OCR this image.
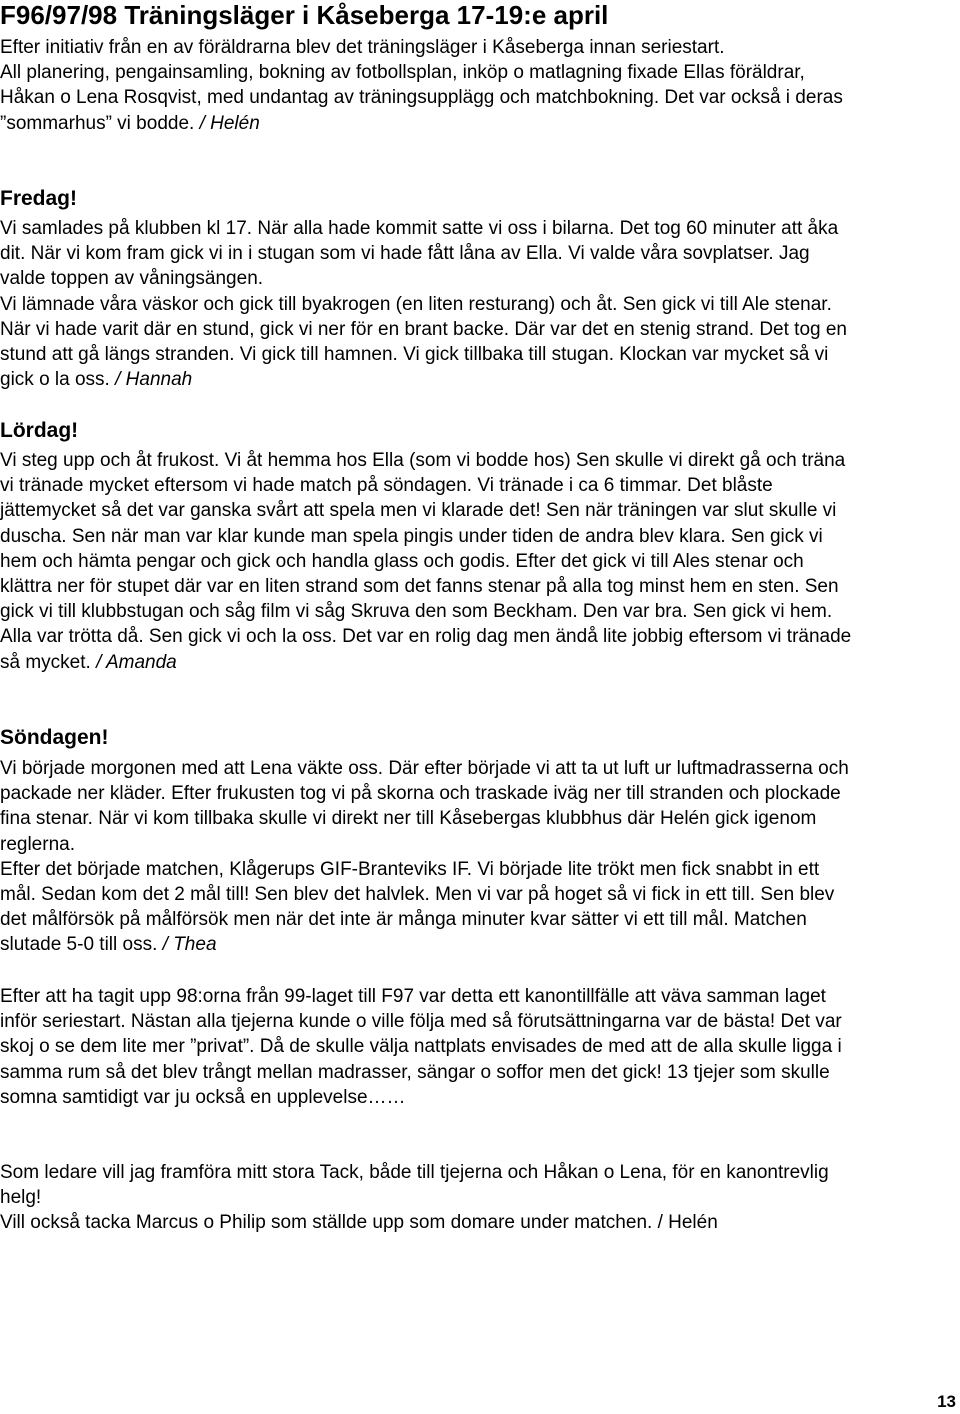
F96/97/98 Träningsläger i Kåseberga 17-19:e april

Efter initiativ från en av föräldrarna blev det träningsläger i Kåseberga innan seriestart.

All planering, pengainsamling, bokning av fotbollsplan, inköp o matlagning fixade Ellas föräldrar, Håkan o Lena Rosqvist, med undantag av träningsupplägg och matchbokning. Det var också i deras ”sommarhus” vi bodde. / Helén

Fredag!

Vi samlades på klubben kl 17. När alla hade kommit satte vi oss i bilarna. Det tog 60 minuter att åka dit. När vi kom fram gick vi in i stugan som vi hade fått låna av Ella. Vi valde våra sovplatser. Jag valde toppen av våningsängen.

Vi lämnade våra väskor och gick till byakrogen (en liten resturang) och åt. Sen gick vi till Ale stenar. När vi hade varit där en stund, gick vi ner för en brant backe. Där var det en stenig strand. Det tog en stund att gå längs stranden. Vi gick till hamnen. Vi gick tillbaka till stugan. Klockan var mycket så vi gick o la oss. / Hannah

Lördag!

Vi steg upp och åt frukost. Vi åt hemma hos Ella (som vi bodde hos) Sen skulle vi direkt gå och träna vi tränade mycket eftersom vi hade match på söndagen. Vi tränade i ca 6 timmar. Det blåste jättemycket så det var ganska svårt att spela men vi klarade det! Sen när träningen var slut skulle vi duscha. Sen när man var klar kunde man spela pingis under tiden de andra blev klara. Sen gick vi hem och hämta pengar och gick och handla glass och godis. Efter det gick vi till Ales stenar och klättra ner för stupet där var en liten strand som det fanns stenar på alla tog minst hem en sten. Sen gick vi till klubbstugan och såg film vi såg Skruva den som Beckham. Den var bra. Sen gick vi hem. Alla var trötta då. Sen gick vi och la oss. Det var en rolig dag men ändå lite jobbig eftersom vi tränade så mycket. / Amanda

Söndagen!

Vi började morgonen med att Lena väkte oss. Där efter började vi att ta ut luft ur luftmadrasserna och packade ner kläder. Efter frukusten tog vi på skorna och traskade iväg ner till stranden och plockade fina stenar. När vi kom tillbaka skulle vi direkt ner till Kåsebergas klubbhus där Helén gick igenom reglerna.

Efter det började matchen, Klågerups GIF-Branteviks IF. Vi började lite trökt men fick snabbt in ett mål. Sedan kom det 2 mål till! Sen blev det halvlek. Men vi var på hoget så vi fick in ett till. Sen blev det målförsök på målförsök men när det inte är många minuter kvar sätter vi ett till mål. Matchen slutade 5-0 till oss. / Thea

Efter att ha tagit upp 98:orna från 99-laget till F97 var detta ett kanontillfälle att väva samman laget inför seriestart. Nästan alla tjejerna kunde o ville följa med så förutsättningarna var de bästa! Det var skoj o se dem lite mer ”privat”. Då de skulle välja nattplats envisades de med att de alla skulle ligga i samma rum så det blev trångt mellan madrasser, sängar o soffor men det gick! 13 tjejer som skulle somna samtidigt var ju också en upplevelse……

Som ledare vill jag framföra mitt stora Tack, både till tjejerna och Håkan o Lena, för en kanontrevlig helg!

Vill också tacka Marcus o Philip som ställde upp som domare under matchen. / Helén

13
